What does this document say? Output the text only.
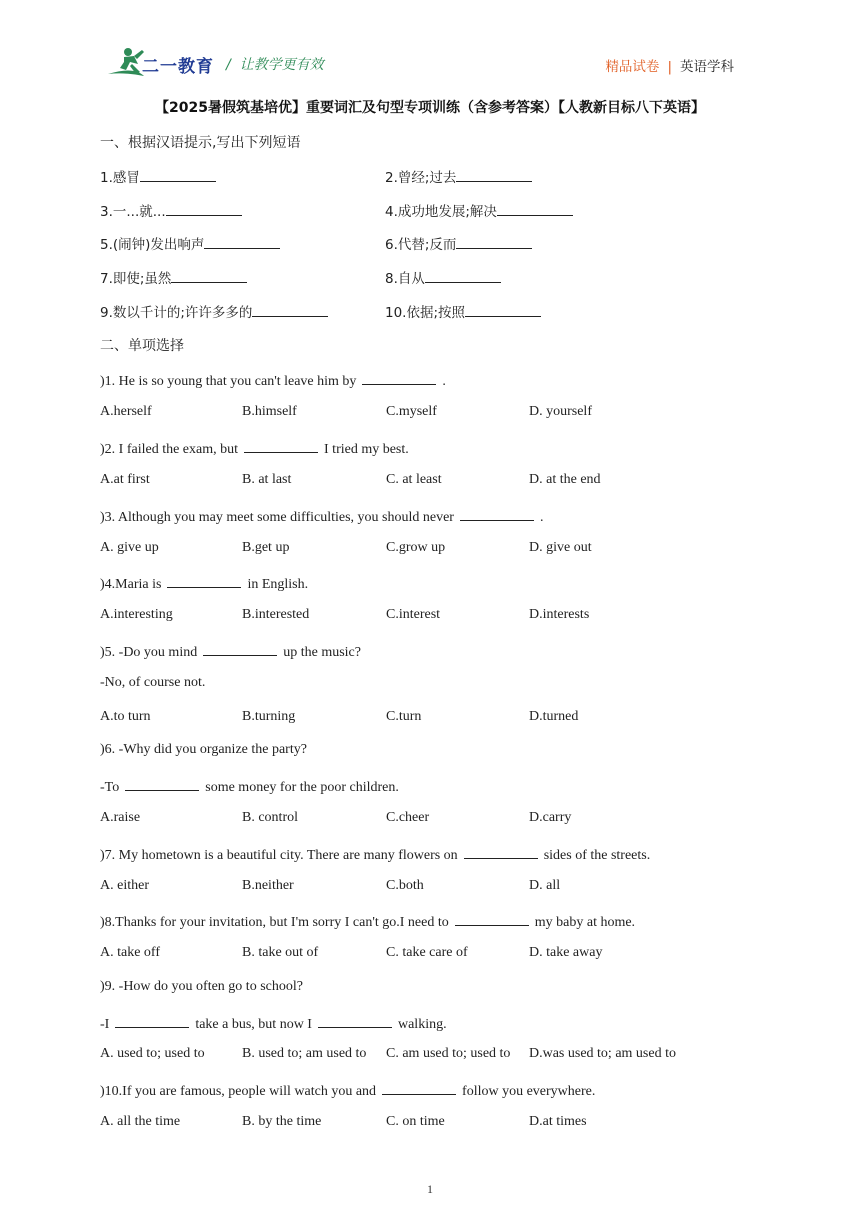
二一教育 /  让教学更有效	精品试卷 | 英语学科
【2025暑假筑基培优】重要词汇及句型专项训练（含参考答案）【人教新目标八下英语】
一、根据汉语提示,写出下列短语
1.感冒	2.曾经;过去
3.一...就...	4.成功地发展;解决
5.(闹钟)发出响声	6.代替;反而
7.即使;虽然	8.自从
9.数以千计的;许许多多的	10.依据;按照
二、单项选择
)1. He is so young that you can't leave him by	.
A.herself	B.himself	C.myself	D. yourself
)2. I failed the exam, but	I tried my best.
A.at first	B. at last	C. at least	D. at the end
)3. Although you may meet some difficulties, you should never	.
A. give up	B.get up	C.grow up	D. give out
)4.Maria is	in English.
A.interesting	B.interested	C.interest	D.interests
)5. -Do you mind	up the music?
-No, of course not.
A.to turn	B.turning	C.turn	D.turned
)6. -Why did you organize the party?
-To	some money for the poor children.
A.raise	B. control	C.cheer	D.carry
)7. My hometown is a beautiful city. There are many flowers on	sides of the streets.
A. either	B.neither	C.both	D. all
)8.Thanks for your invitation, but I'm sorry I can't go.I need to	my baby at home.
A. take off	B. take out of	C. take care of	D. take away
)9. -How do you often go to school?
-I	take a bus, but now I	walking.
A. used to; used to	B. used to; am used to C. am used to; used to D.was used to; am used to
)10.If you are famous, people will watch you and	follow you everywhere.
A. all the time	B. by the time	C. on time	D.at times
1
